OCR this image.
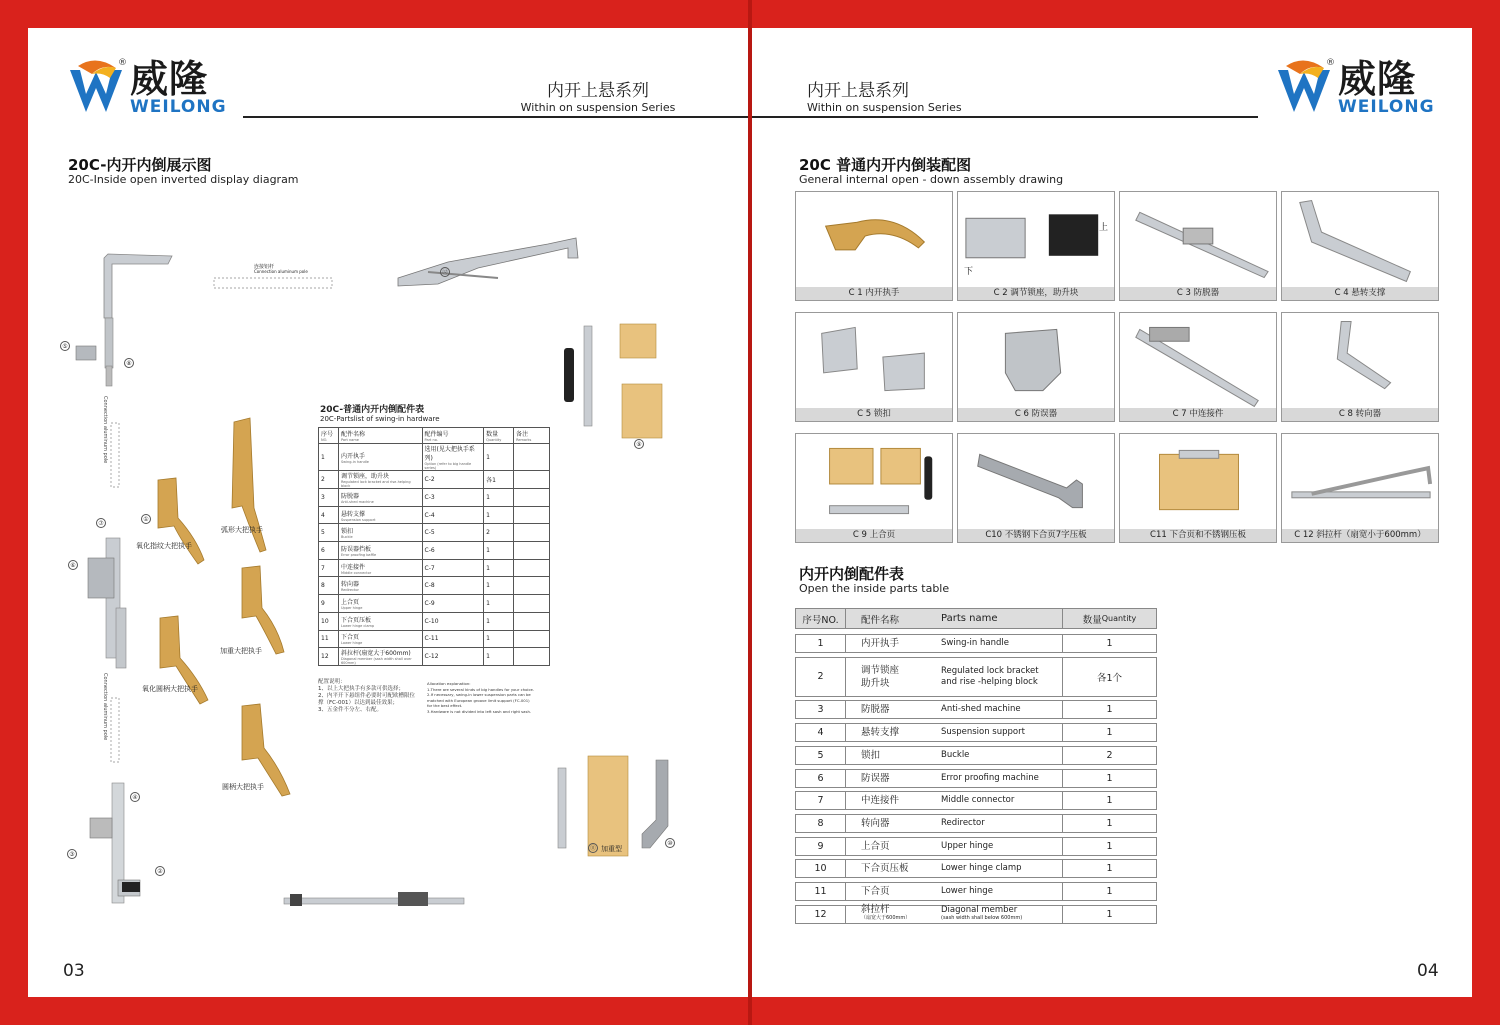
威隆
WEILONG
®
内开上悬系列
Within on suspension Series
20C-内开内倒展示图
20C-Inside open inverted display diagram
弧形大把执手
氧化指纹大把执手
加重大把执手
氧化圆柄大把执手
圆柄大把执手
连接铝杆
Connection aluminum pole
Connection aluminum pole
Connection aluminum pole
加重型
①
②
③
④
⑤
⑥
⑦
⑧
⑨
⑩
⑪
⑫
20C-普通内开内倒配件表
20C-Partslist of swing-in hardware
序号
NO.	配件名称
Part name	配件编号
Part no.	数量
Quantity	备注
Remarks

1	内开执手
Swing-in handle	选用(见大把执手系列)
Option (refer to big handle series)	1	

2	调节锁座，助升块
Regulated lock bracket and rise-helping block	C-2	各1	

3	防脱器
Anti-shed machine	C-3	1	

4	悬转支撑
Suspension support	C-4	1	

5	锁扣
Buckle	C-5	2	

6	防误器挡板
Error proofing baffle	C-6	1	

7	中连接件
Middle connector	C-7	1	

8	转向器
Redirector	C-8	1	

9	上合页
Upper hinge	C-9	1	

10	下合页压板
Lower hinge clamp	C-10	1	

11	下合页
Lower hinge	C-11	1	

12	斜拉杆(扇宽大于600mm)
Diagonal member (sash width shall over 600mm)	C-12	1	

配置说明：
1、以上大把执手有多款可供选择；
2、内平开下悬组件必要时可配欧槽限位
撑（FC-001）以达到最佳效果；
3、五金件不分左、右配。
Allocation explanation:
1.There are several kinds of big handles for your choice.
2.If necessary, swing-in lower suspension parts can be
matched with European groove limit support (FC-001)
for the best effect.
3.Hardware is not divided into left sash and right sash.
03
内开上悬系列
Within on suspension Series
威隆
WEILONG
®
20C 普通内开内倒装配图
General internal open - down assembly drawing
C 1 内开执手	C 2 调节锁座，助升块
上
下
C 3 防脱器	C 4 悬转支撑
C 5 锁扣	C 6 防误器	C 7 中连接件	C 8 转向器
C 9 上合页	C10 不锈钢下合页7字压板	C11 下合页和不锈钢压板	C 12 斜拉杆（扇宽小于600mm）
内开内倒配件表
Open the inside parts table
序号NO.	配件名称	Parts name	数量 Quantity
1	内开执手	Swing-in handle	1
2
调节锁座
助升块
Regulated lock bracket
and rise -helping block	各1个
3	防脱器	Anti-shed machine	1
4	悬转支撑	Suspension support	1
5	锁扣	Buckle	2
6	防误器	Error proofing machine	1
7	中连接件	Middle connector	1
8	转向器	Redirector	1
9	上合页	Upper hinge	1
10	下合页压板	Lower hinge clamp	1
11	下合页	Lower hinge	1
12	斜拉杆
（扇宽大于600mm）
Diagonal member
(sash width shall below 600mm)	1
04
